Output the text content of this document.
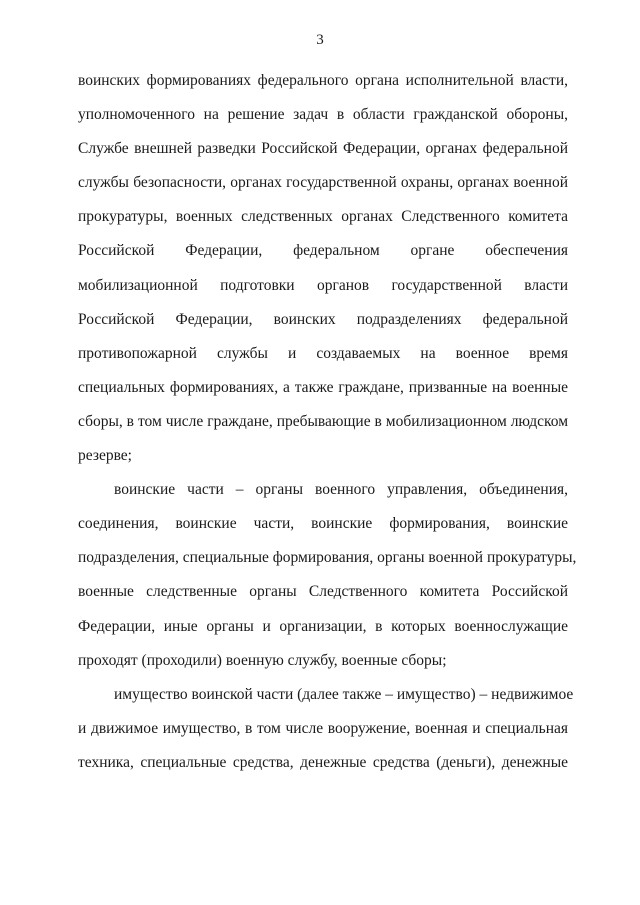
3

воинских формированиях федерального органа исполнительной власти,
уполномоченного на решение задач в области гражданской обороны,
Службе внешней разведки Российской Федерации, органах федеральной
службы безопасности, органах государственной охраны, органах военной
прокуратуры, военных следственных органах Следственного комитета
Российской Федерации, федеральном органе обеспечения
мобилизационной подготовки органов государственной власти
Российской Федерации, воинских подразделениях федеральной
противопожарной службы и создаваемых на военное время
специальных формированиях, а также граждане, призванные на военные
сборы, в том числе граждане, пребывающие в мобилизационном людском
резерве;

воинские части – органы военного управления, объединения,
соединения, воинские части, воинские формирования, воинские
подразделения, специальные формирования, органы военной прокуратуры,
военные следственные органы Следственного комитета Российской
Федерации, иные органы и организации, в которых военнослужащие
проходят (проходили) военную службу, военные сборы;

имущество воинской части (далее также – имущество) – недвижимое
и движимое имущество, в том числе вооружение, военная и специальная
техника, специальные средства, денежные средства (деньги), денежные
